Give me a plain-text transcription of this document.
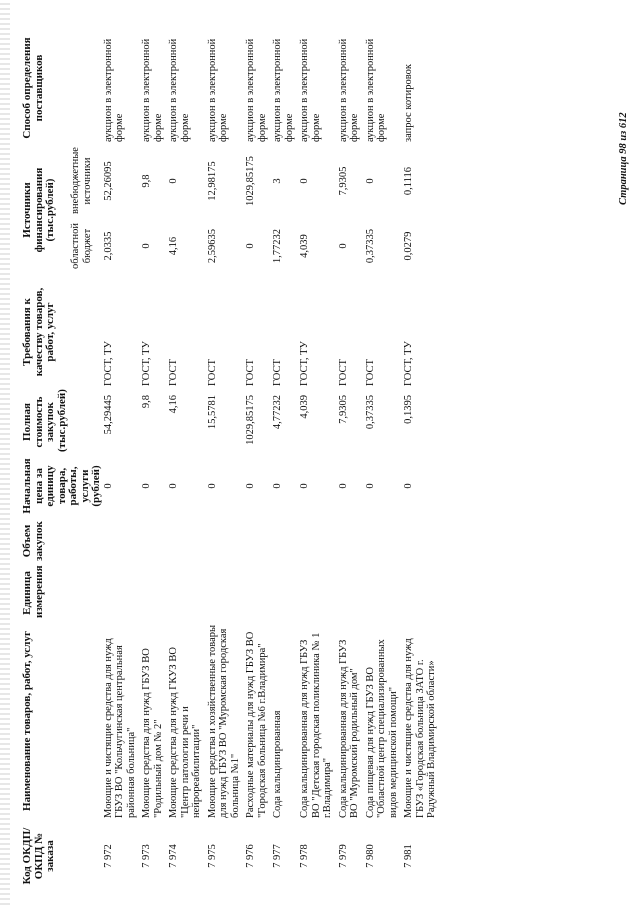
Код ОКДП/ ОКПД № заказа	Наименование товаров, работ, услуг	Единица измерения	Объем закупок	Начальная цена за единицу товара, работы, услуги (рублей)	Полная стоимость закупок (тыс.рублей)	Требования к качеству товаров, работ, услуг	Источники финансирования (тыс.рублей)		Способ определения поставщиков
							областной бюджет	внебюджетные источники	
7 972	Моющие и чистящие средства для нужд ГБУЗ ВО "Кольчугинская центральная районная больница"			0	54,29445	ГОСТ, ТУ	2,0335	52,26095	аукцион в электронной форме
7 973	Моющие средства для нужд ГБУЗ ВО "Родильный дом № 2"			0	9,8	ГОСТ, ТУ	0	9,8	аукцион в электронной форме
7 974	Моющие средства для нужд ГКУЗ ВО "Центр патологии речи и нейрореабилитации"			0	4,16	ГОСТ	4,16	0	аукцион в электронной форме
7 975	Моющие средства и хозяйственные товары для нужд ГБУЗ ВО "Муромская городская больница №1"			0	15,5781	ГОСТ	2,59635	12,98175	аукцион в электронной форме
7 976	Расходные материалы для нужд ГБУЗ ВО "Городская больница №6 г.Владимира"			0	1029,85175	ГОСТ	0	1029,85175	аукцион в электронной форме
7 977	Сода кальцинированная			0	4,77232	ГОСТ	1,77232	3	аукцион в электронной форме
7 978	Сода кальцинированная для нужд ГБУЗ ВО "Детская городская поликлиника № 1 г.Владимира"			0	4,039	ГОСТ, ТУ	4,039	0	аукцион в электронной форме
7 979	Сода кальцинированная для нужд ГБУЗ ВО "Муромский родильный дом"			0	7,9305	ГОСТ	0	7,9305	аукцион в электронной форме
7 980	Сода пищевая для нужд ГБУЗ ВО "Областной центр специализированных видов медицинской помощи"			0	0,37335	ГОСТ	0,37335	0	аукцион в электронной форме
7 981	Моющие и чистящие средства для нужд ГБУЗ «Городская больница ЗАТО г. Радужный Владимирской области»			0	0,1395	ГОСТ, ТУ	0,0279	0,1116	запрос котировок
Страница 98 из 612
